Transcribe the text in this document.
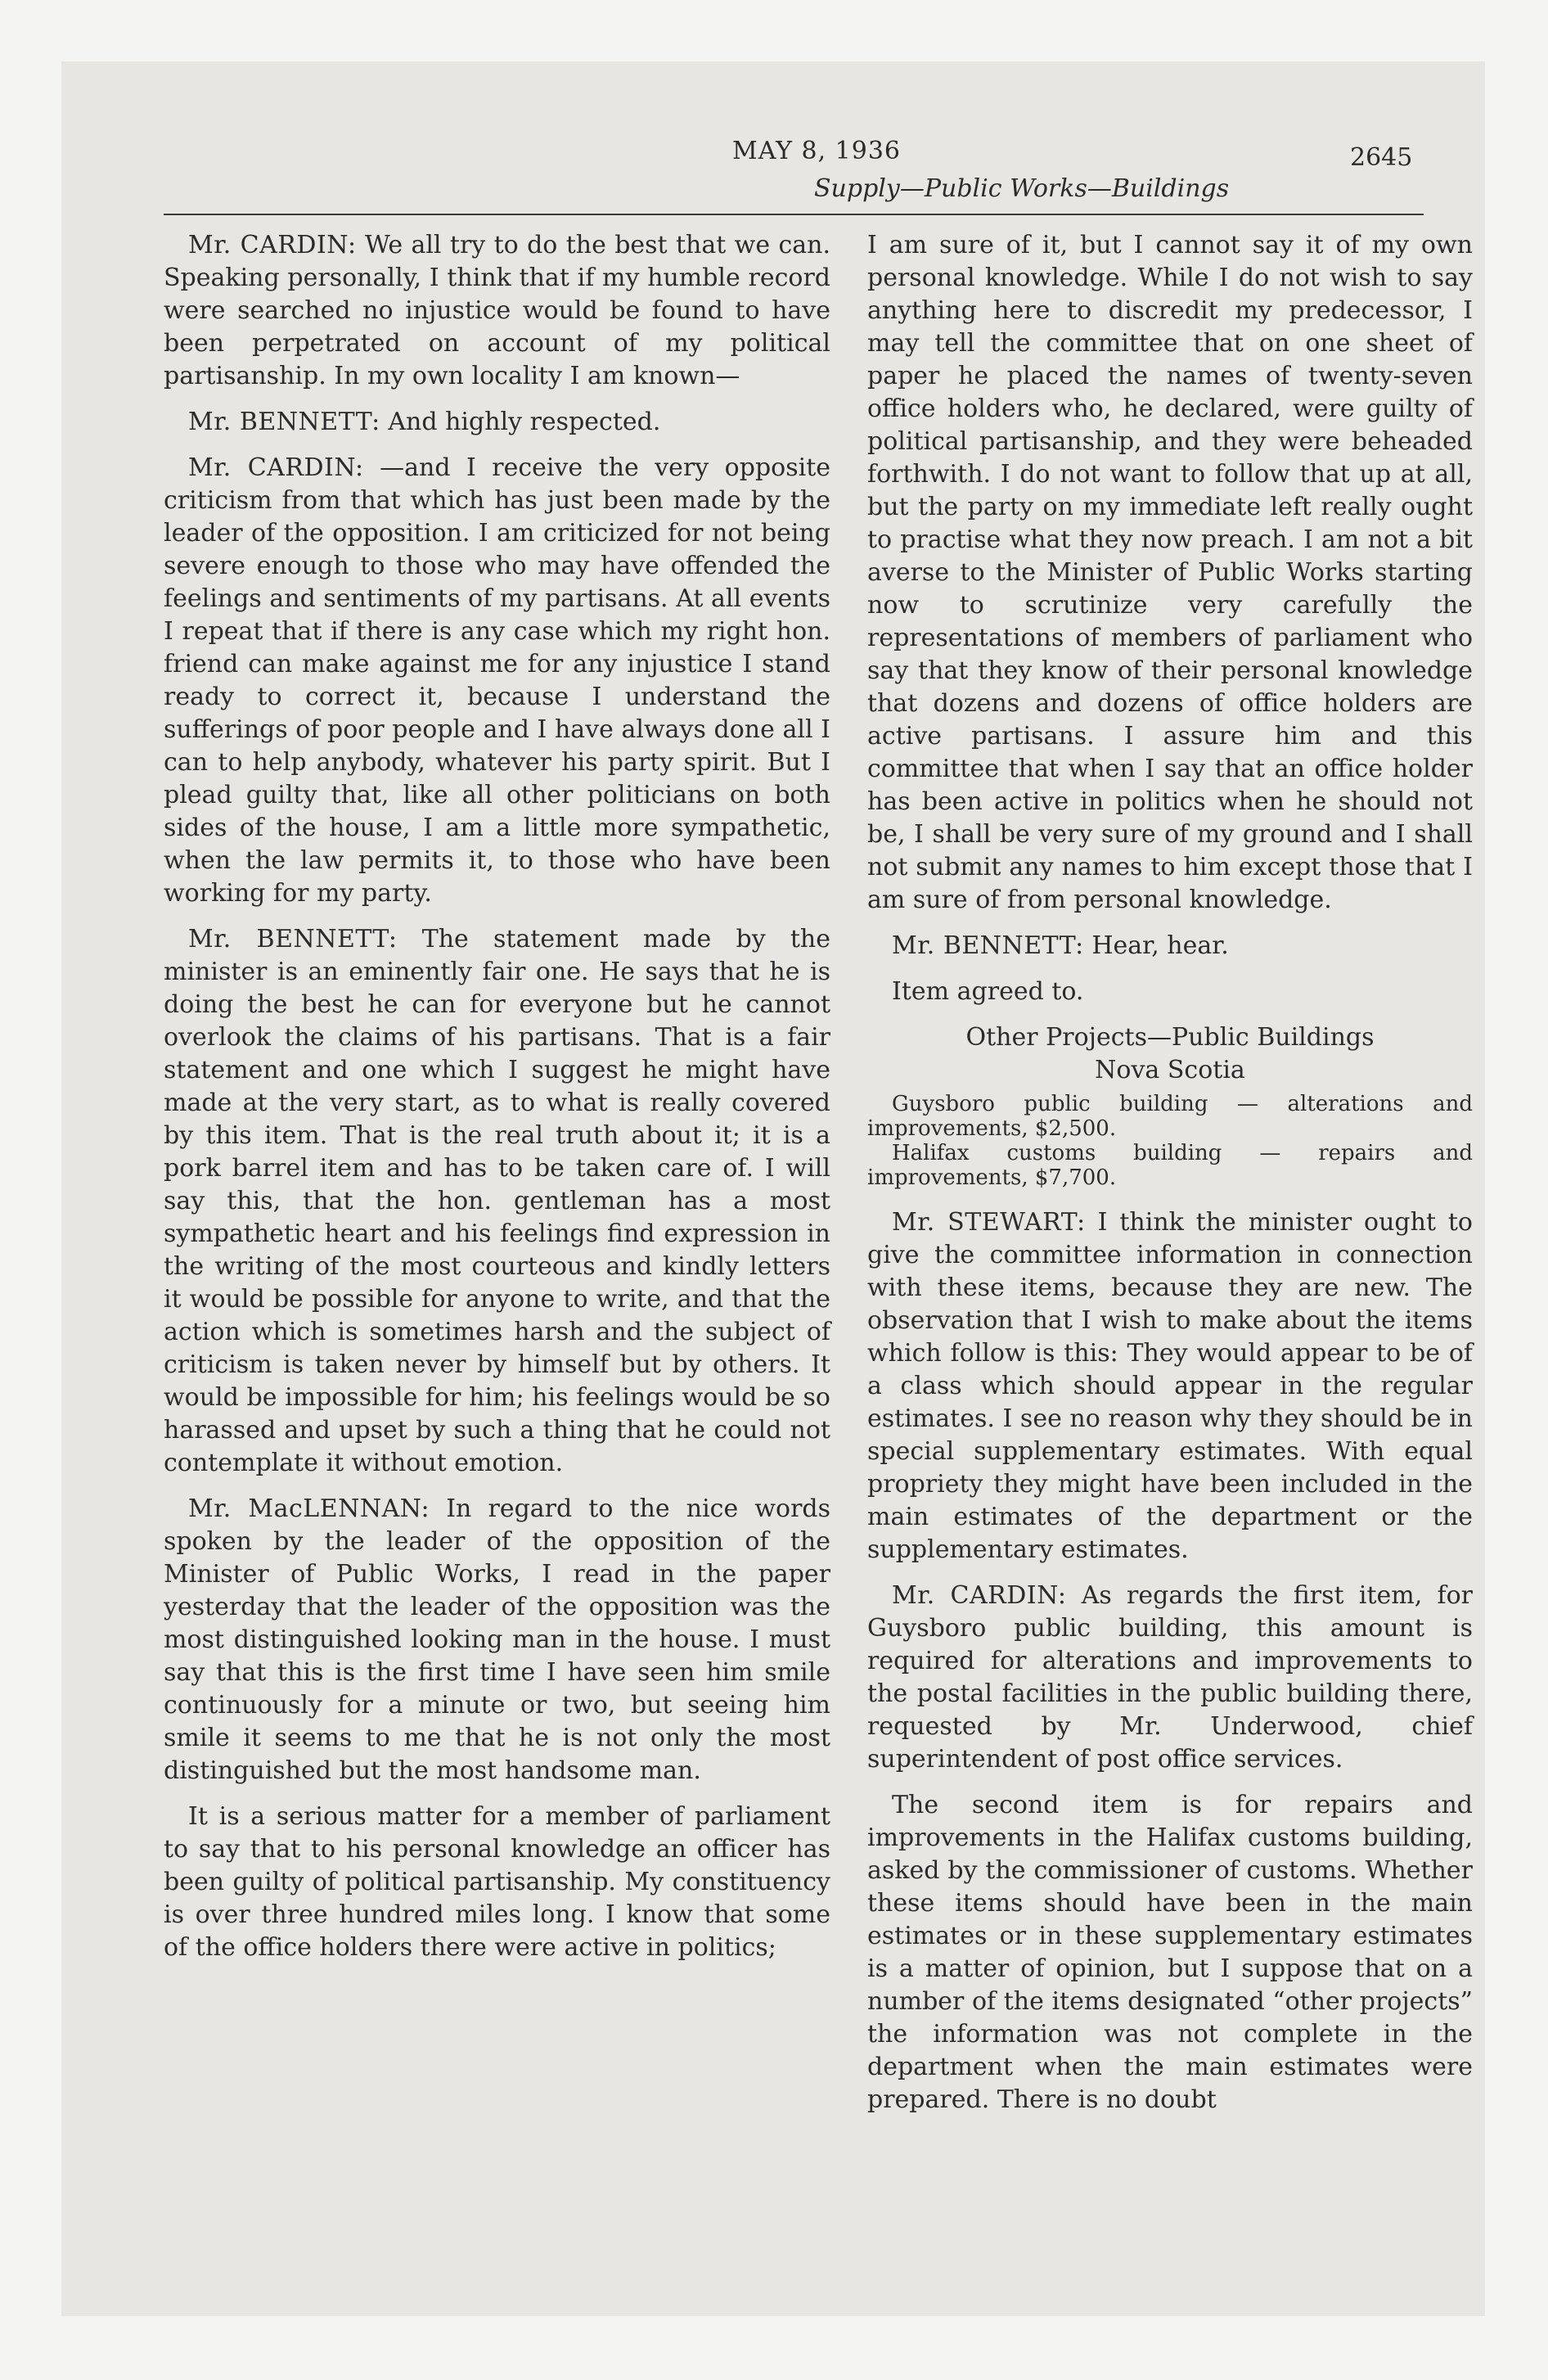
MAY 8, 1936	2645
Supply—Public Works—Buildings

Mr. CARDIN: We all try to do the best that we can. Speaking personally, I think that if my humble record were searched no injustice would be found to have been perpetrated on account of my political partisanship. In my own locality I am known—

Mr. BENNETT: And highly respected.

Mr. CARDIN: —and I receive the very opposite criticism from that which has just been made by the leader of the opposition. I am criticized for not being severe enough to those who may have offended the feelings and sentiments of my partisans. At all events I repeat that if there is any case which my right hon. friend can make against me for any injustice I stand ready to correct it, because I understand the sufferings of poor people and I have always done all I can to help anybody, whatever his party spirit. But I plead guilty that, like all other politicians on both sides of the house, I am a little more sympathetic, when the law permits it, to those who have been working for my party.

Mr. BENNETT: The statement made by the minister is an eminently fair one. He says that he is doing the best he can for everyone but he cannot overlook the claims of his partisans. That is a fair statement and one which I suggest he might have made at the very start, as to what is really covered by this item. That is the real truth about it; it is a pork barrel item and has to be taken care of. I will say this, that the hon. gentleman has a most sympathetic heart and his feelings find expression in the writing of the most courteous and kindly letters it would be possible for anyone to write, and that the action which is sometimes harsh and the subject of criticism is taken never by himself but by others. It would be impossible for him; his feelings would be so harassed and upset by such a thing that he could not contemplate it without emotion.

Mr. MacLENNAN: In regard to the nice words spoken by the leader of the opposition of the Minister of Public Works, I read in the paper yesterday that the leader of the opposition was the most distinguished looking man in the house. I must say that this is the first time I have seen him smile continuously for a minute or two, but seeing him smile it seems to me that he is not only the most distinguished but the most handsome man.

It is a serious matter for a member of parliament to say that to his personal knowledge an officer has been guilty of political partisanship. My constituency is over three hundred miles long. I know that some of the office holders there were active in politics;

I am sure of it, but I cannot say it of my own personal knowledge. While I do not wish to say anything here to discredit my predecessor, I may tell the committee that on one sheet of paper he placed the names of twenty-seven office holders who, he declared, were guilty of political partisanship, and they were beheaded forthwith. I do not want to follow that up at all, but the party on my immediate left really ought to practise what they now preach. I am not a bit averse to the Minister of Public Works starting now to scrutinize very carefully the representations of members of parliament who say that they know of their personal knowledge that dozens and dozens of office holders are active partisans. I assure him and this committee that when I say that an office holder has been active in politics when he should not be, I shall be very sure of my ground and I shall not submit any names to him except those that I am sure of from personal knowledge.

Mr. BENNETT: Hear, hear.

Item agreed to.

Other Projects—Public Buildings

Nova Scotia

Guysboro public building — alterations and improvements, $2,500.

Halifax customs building — repairs and improvements, $7,700.

Mr. STEWART: I think the minister ought to give the committee information in connection with these items, because they are new. The observation that I wish to make about the items which follow is this: They would appear to be of a class which should appear in the regular estimates. I see no reason why they should be in special supplementary estimates. With equal propriety they might have been included in the main estimates of the department or the supplementary estimates.

Mr. CARDIN: As regards the first item, for Guysboro public building, this amount is required for alterations and improvements to the postal facilities in the public building there, requested by Mr. Underwood, chief superintendent of post office services.

The second item is for repairs and improvements in the Halifax customs building, asked by the commissioner of customs. Whether these items should have been in the main estimates or in these supplementary estimates is a matter of opinion, but I suppose that on a number of the items designated “other projects” the information was not complete in the department when the main estimates were prepared. There is no doubt
